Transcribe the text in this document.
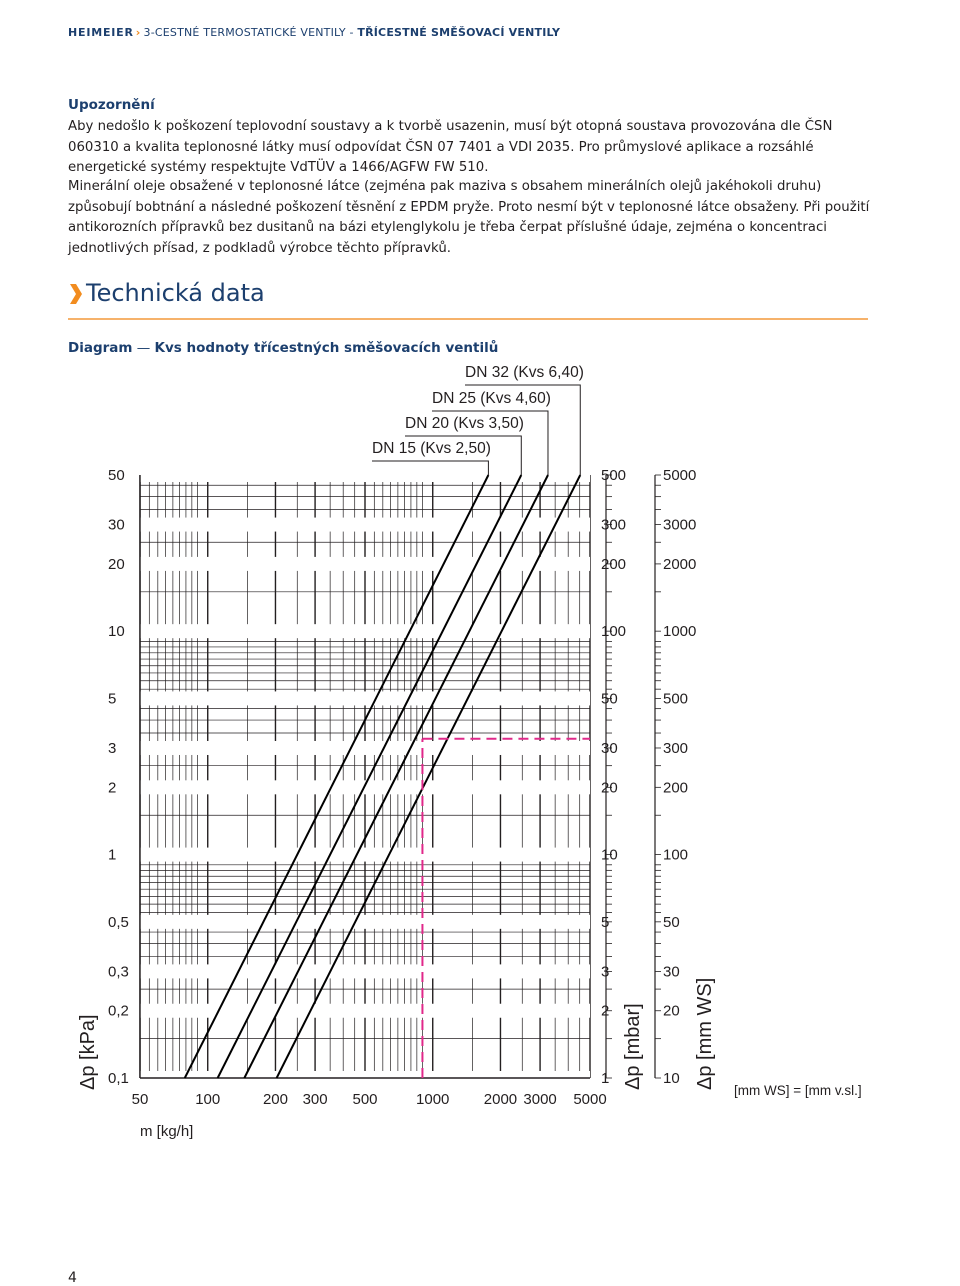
HEIMEIER › 3-CESTNÉ TERMOSTATICKÉ VENTILY - TŘÍCESTNÉ SMĚŠOVACÍ VENTILY
Upozornění
Aby nedošlo k poškození teplovodní soustavy a k tvorbě usazenin, musí být otopná soustava provozována dle ČSN 060310 a kvalita teplonosné látky musí odpovídat ČSN 07 7401 a VDI 2035. Pro průmyslové aplikace a rozsáhlé energetické systémy respektujte VdTÜV a 1466/AGFW FW 510.
Minerální oleje obsažené v teplonosné látce (zejména pak maziva s obsahem minerálních olejů jakéhokoli druhu) způsobují bobtnání a následné poškození těsnění z EPDM pryže. Proto nesmí být v teplonosné látce obsaženy. Při použití antikorozních přípravků bez dusitanů na bázi etylenglykolu je třeba čerpat příslušné údaje, zejména o koncentraci jednotlivých přísad, z podkladů výrobce těchto přípravků.
Technická data
Diagram — Kvs hodnoty třícestných směšovacích ventilů
0,1
0,2
0,3
0,5
1
2
3
5
10
20
30
50
1
2
3
5
10
20
30
50
100
200
300
500
10
20
30
50
100
200
300
500
1000
2000
3000
5000
50	100	200 300 500	1000 2000 3000 5000
m [kg/h]
Δp [kPa]	Δp [mbar]	Δp [mm WS]
[mm WS] = [mm v.sl.]
DN 15 (Kvs 2,50)
DN 20 (Kvs 3,50)
DN 25 (Kvs 4,60)
DN 32 (Kvs 6,40)
4
